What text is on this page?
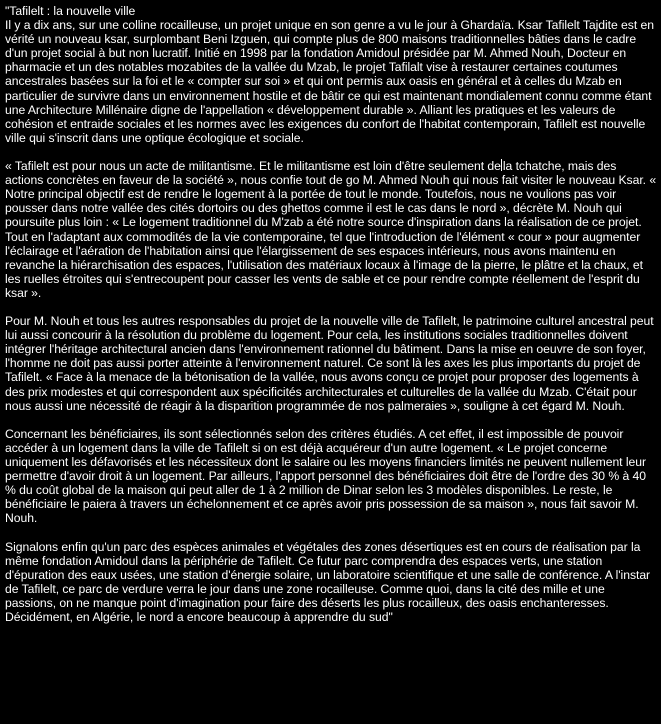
"Tafilelt : la nouvelle ville
Il y a dix ans, sur une colline rocailleuse, un projet unique en son genre a vu le jour à Ghardaïa. Ksar Tafilelt Tajdite est en vérité un nouveau ksar, surplombant Beni Izguen, qui compte plus de 800 maisons traditionnelles bâties dans le cadre d'un projet social à but non lucratif. Initié en 1998 par la fondation Amidoul présidée par M. Ahmed Nouh, Docteur en pharmacie et un des notables mozabites de la vallée du Mzab, le projet Tafilalt vise à restaurer certaines coutumes ancestrales basées sur la foi et le « compter sur soi » et qui ont permis aux oasis en général et à celles du Mzab en particulier de survivre dans un environnement hostile et de bâtir ce qui est maintenant mondialement connu comme étant une Architecture Millénaire digne de l'appellation « développement durable ». Alliant les pratiques et les valeurs de cohésion et entraide sociales et les normes avec les exigences du confort de l'habitat contemporain, Tafilelt est nouvelle ville qui s'inscrit dans une optique écologique et sociale.

« Tafilelt est pour nous un acte de militantisme. Et le militantisme est loin d'être seulement de la tchatche, mais des actions concrètes en faveur de la société », nous confie tout de go M. Ahmed Nouh qui nous fait visiter le nouveau Ksar. « Notre principal objectif est de rendre le logement à la portée de tout le monde. Toutefois, nous ne voulions pas voir pousser dans notre vallée des cités dortoirs ou des ghettos comme il est le cas dans le nord », décrète M. Nouh qui poursuite plus loin : « Le logement traditionnel du M'zab a été notre source d'inspiration dans la réalisation de ce projet. Tout en l'adaptant aux commodités de la vie contemporaine, tel que l'introduction de l'élément « cour » pour augmenter l'éclairage et l'aération de l'habitation ainsi que l'élargissement de ses espaces intérieurs, nous avons maintenu en revanche la hiérarchisation des espaces, l'utilisation des matériaux locaux à l'image de la pierre, le plâtre et la chaux, et les ruelles étroites qui s'entrecoupent pour casser les vents de sable et ce pour rendre compte réellement de l'esprit du ksar ».

Pour M. Nouh et tous les autres responsables du projet de la nouvelle ville de Tafilelt, le patrimoine culturel ancestral peut lui aussi concourir à la résolution du problème du logement. Pour cela, les institutions sociales traditionnelles doivent intégrer l'héritage architectural ancien dans l'environnement rationnel du bâtiment. Dans la mise en oeuvre de son foyer, l'homme ne doit pas aussi porter atteinte à l'environnement naturel. Ce sont là les axes les plus importants du projet de Tafilelt. « Face à la menace de la bétonisation de la vallée, nous avons conçu ce projet pour proposer des logements à des prix modestes et qui correspondent aux spécificités architecturales et culturelles de la vallée du Mzab. C'était pour nous aussi une nécessité de réagir à la disparition programmée de nos palmeraies », souligne à cet égard M. Nouh.

Concernant les bénéficiaires, ils sont sélectionnés selon des critères étudiés. A cet effet, il est impossible de pouvoir accéder à un logement dans la ville de Tafilelt si on est déjà acquéreur d'un autre logement. « Le projet concerne uniquement les défavorisés et les nécessiteux dont le salaire ou les moyens financiers limités ne peuvent nullement leur permettre d'avoir droit à un logement. Par ailleurs, l'apport personnel des bénéficiaires doit être de l'ordre des 30 % à 40 % du coût global de la maison qui peut aller de 1 à 2 million de Dinar selon les 3 modèles disponibles. Le reste, le bénéficiaire le paiera à travers un échelonnement et ce après avoir pris possession de sa maison », nous fait savoir M. Nouh.

Signalons enfin qu'un parc des espèces animales et végétales des zones désertiques est en cours de réalisation par la même fondation Amidoul dans la périphérie de Tafilelt. Ce futur parc comprendra des espaces verts, une station d'épuration des eaux usées, une station d'énergie solaire, un laboratoire scientifique et une salle de conférence. A l'instar de Tafilelt, ce parc de verdure verra le jour dans une zone rocailleuse. Comme quoi, dans la cité des mille et une passions, on ne manque point d'imagination pour faire des déserts les plus rocailleux, des oasis enchanteresses. Décidément, en Algérie, le nord a encore beaucoup à apprendre du sud"
